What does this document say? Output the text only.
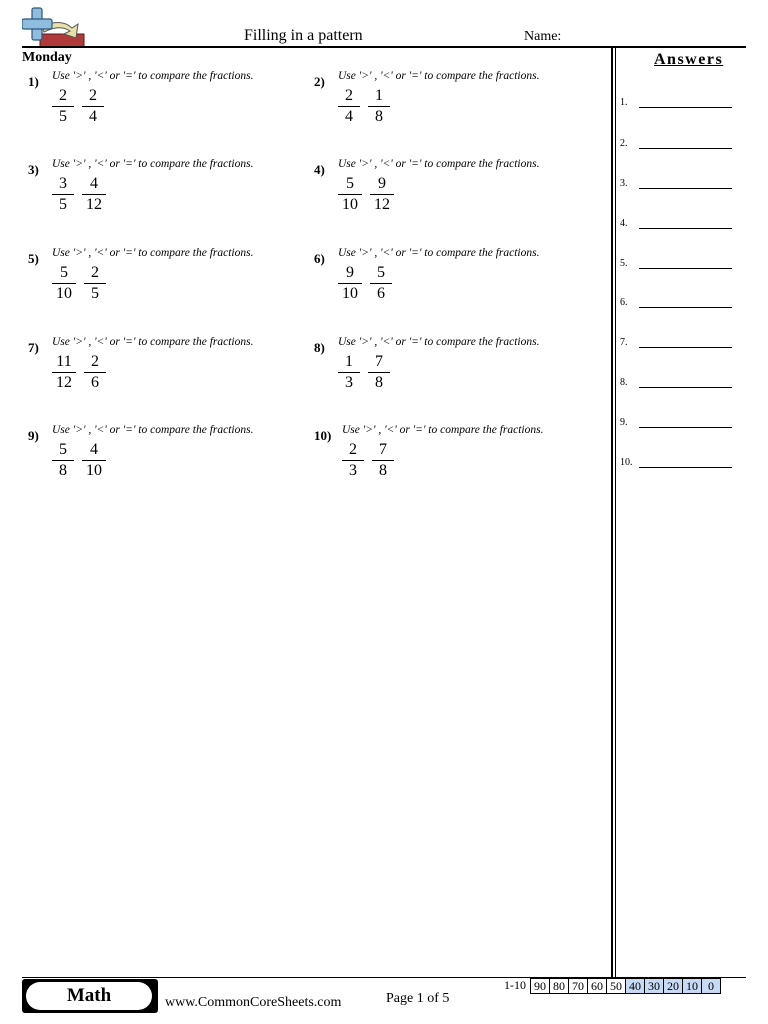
Filling in a pattern	Name:
Monday	Answers
1.
2.
3.
4.
5.
6.
7.
8.
9.
10.
1) Use '>' , '<' or '=' to compare the fractions.
$\frac{2}{5} \frac{2}{4}$
2) Use '>' , '<' or '=' to compare the fractions.
$\frac{2}{4} \frac{1}{8}$
3) Use '>' , '<' or '=' to compare the fractions.
$\frac{3}{5} \frac{4}{12}$
4) Use '>' , '<' or '=' to compare the fractions.
$\frac{5}{10} \frac{9}{12}$
5) Use '>' , '<' or '=' to compare the fractions.
$\frac{5}{10} \frac{2}{5}$
6) Use '>' , '<' or '=' to compare the fractions.
$\frac{9}{10} \frac{5}{6}$
7) Use '>' , '<' or '=' to compare the fractions.
$\frac{11}{12} \frac{2}{6}$
8) Use '>' , '<' or '=' to compare the fractions.
$\frac{1}{3} \frac{7}{8}$
9) Use '>' , '<' or '=' to compare the fractions.
$\frac{5}{8} \frac{4}{10}$
10) Use '>' , '<' or '=' to compare the fractions.
$\frac{2}{3} \frac{7}{8}$
Math	www.CommonCoreSheets.com	Page 1 of 5
1-10 90 80 70 60 50 40 30 20 10 0
